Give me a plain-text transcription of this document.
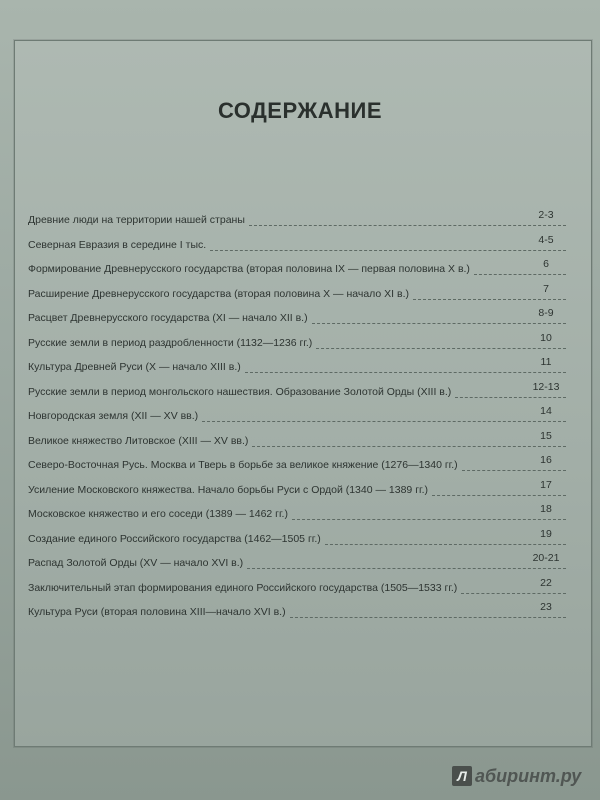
СОДЕРЖАНИЕ
Древние люди на территории нашей страны	2-3
Северная Евразия в середине I тыс.	4-5
Формирование Древнерусского государства (вторая половина IX — первая половина X в.)	6
Расширение Древнерусского государства (вторая половина X — начало XI в.)	7
Расцвет Древнерусского государства (XI — начало XII в.)	8-9
Русские земли в период раздробленности (1132—1236 гг.)	10
Культура Древней Руси (X — начало XIII в.)	11
Русские земли в период монгольского нашествия. Образование Золотой Орды (XIII в.)	12-13
Новгородская земля (XII — XV вв.)	14
Великое княжество Литовское (XIII — XV вв.)	15
Северо-Восточная Русь. Москва и Тверь в борьбе за великое княжение (1276—1340 гг.)	16
Усиление Московского княжества. Начало борьбы Руси с Ордой (1340 — 1389 гг.)	17
Московское княжество и его соседи (1389 — 1462 гг.)	18
Создание единого Российского государства (1462—1505 гг.)	19
Распад Золотой Орды (XV — начало XVI в.)	20-21
Заключительный этап формирования единого Российского государства (1505—1533 гг.)	22
Культура Руси (вторая половина XIII—начало XVI в.)	23
Л абиринт.ру
